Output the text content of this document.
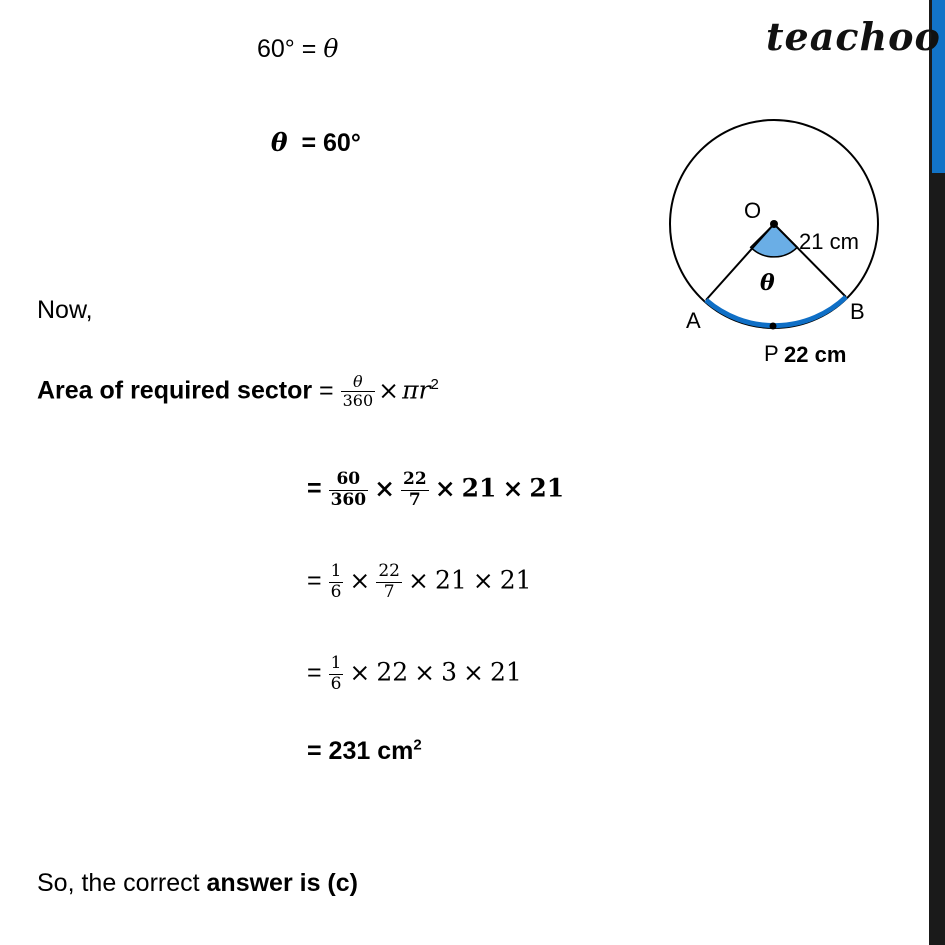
teachoo
60° = θ

θ  = 60°

Now,
Area of required sector = $\frac{\theta}{360} \times \pi r^2$
= $\frac{60}{360} \times \frac{22}{7} \times 21 \times 21$
= $\frac{1}{6} \times \frac{22}{7} \times 21 \times 21$
= $\frac{1}{6} \times 22 \times 3 \times 21$
= 231 $cm^2$
So, the correct answer is (c)
O
21 cm
θ
A	B
P 22 cm
